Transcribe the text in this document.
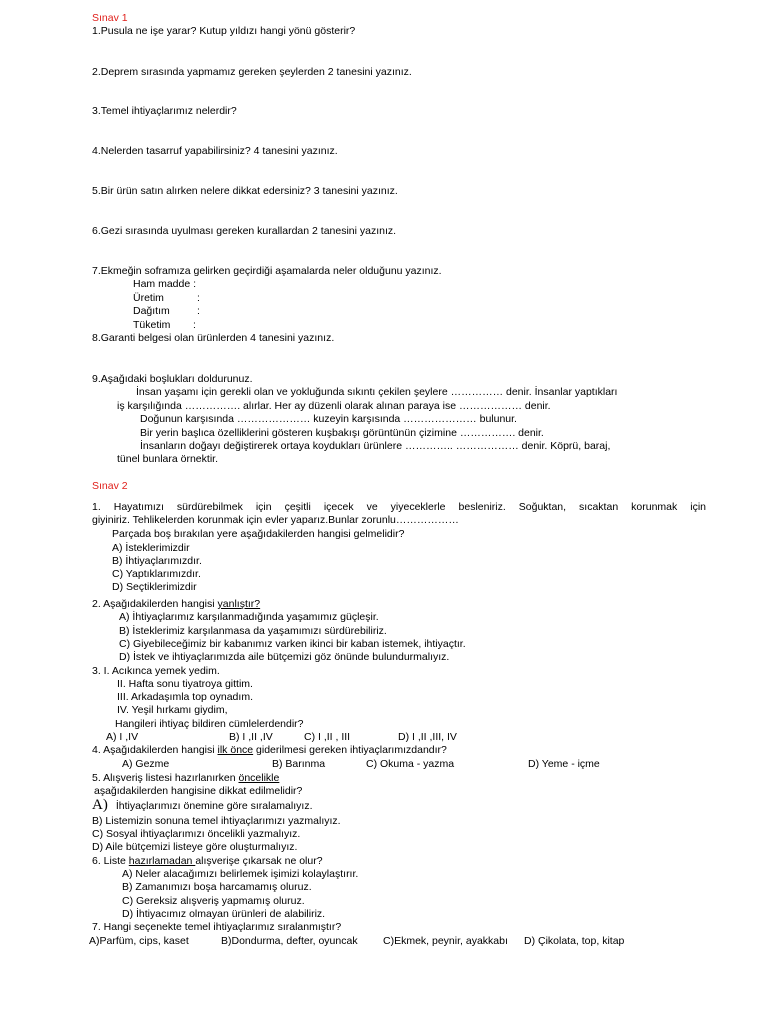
Sınav 1
1.Pusula ne işe yarar? Kutup yıldızı hangi yönü gösterir?
2.Deprem sırasında yapmamız gereken şeylerden 2 tanesini yazınız.
3.Temel ihtiyaçlarımız nelerdir?
4.Nelerden tasarruf yapabilirsiniz? 4 tanesini yazınız.
5.Bir ürün satın alırken nelere dikkat edersiniz? 3 tanesini yazınız.
6.Gezi sırasında uyulması gereken kurallardan 2 tanesini yazınız.
7.Ekmeğin soframıza gelirken geçirdiği aşamalarda neler olduğunu yazınız.
Ham madde :
Üretim	:
Dağıtım	:
Tüketim :
8.Garanti belgesi olan ürünlerden 4 tanesini yazınız.
9.Aşağıdaki boşlukları doldurunuz.
İnsan yaşamı için gerekli olan ve yokluğunda sıkıntı çekilen şeylere …………… denir. İnsanlar yaptıkları
iş karşılığında ……………. alırlar. Her ay düzenli olarak alınan paraya ise ……………… denir.
Doğunun karşısında ………………… kuzeyin karşısında ………………… bulunur.
Bir yerin başlıca özelliklerini gösteren kuşbakışı görüntünün çizimine ……………. denir.
İnsanların doğayı değiştirerek ortaya koydukları ürünlere ………….. ……………… denir. Köprü, baraj,
tünel bunlara örnektir.
Sınav 2
1. Hayatımızı sürdürebilmek için çeşitli içecek ve yiyeceklerle besleniriz. Soğuktan, sıcaktan korunmak için
giyiniriz. Tehlikelerden korunmak için evler yaparız.Bunlar zorunlu………………
Parçada boş bırakılan yere aşağıdakilerden hangisi gelmelidir?
A) İsteklerimizdir
B) İhtiyaçlarımızdır.
C) Yaptıklarımızdır.
D) Seçtiklerimizdir
2. Aşağıdakilerden hangisi yanlıştır?
A) İhtiyaçlarımız karşılanmadığında yaşamımız güçleşir.
B) İsteklerimiz karşılanmasa da yaşamımızı sürdürebiliriz.
C) Giyebileceğimiz bir kabanımız varken ikinci bir kaban istemek, ihtiyaçtır.
D) İstek ve ihtiyaçlarımızda aile bütçemizi göz önünde bulundurmalıyız.
3. I. Acıkınca yemek yedim.
II. Hafta sonu tiyatroya gittim.
III. Arkadaşımla top oynadım.
IV. Yeşil hırkamı giydim,
Hangileri ihtiyaç bildiren cümlelerdendir?
A) I ,IV	B) I ,II ,IV	C) I ,II , III	D) I ,II ,III, IV
4. Aşağıdakilerden hangisi ilk önce giderilmesi gereken ihtiyaçlarımızdandır?
A) Gezme	B) Barınma	C) Okuma - yazma	D) Yeme - içme
5. Alışveriş listesi hazırlanırken öncelikle
aşağıdakilerden hangisine dikkat edilmelidir?
A) İhtiyaçlarımızı önemine göre sıralamalıyız.
B) Listemizin sonuna temel ihtiyaçlarımızı yazmalıyız.
C) Sosyal ihtiyaçlarımızı öncelikli yazmalıyız.
D) Aile bütçemizi listeye göre oluşturmalıyız.
6. Liste hazırlamadan alışverişe çıkarsak ne olur?
A) Neler alacağımızı belirlemek işimizi kolaylaştırır.
B) Zamanımızı boşa harcamamış oluruz.
C) Gereksiz alışveriş yapmamış oluruz.
D) İhtiyacımız olmayan ürünleri de alabiliriz.
7. Hangi seçenekte temel ihtiyaçlarımız sıralanmıştır?
A)Parfüm, cips, kaset	B)Dondurma, defter, oyuncak C)Ekmek, peynir, ayakkabı D) Çikolata, top, kitap
